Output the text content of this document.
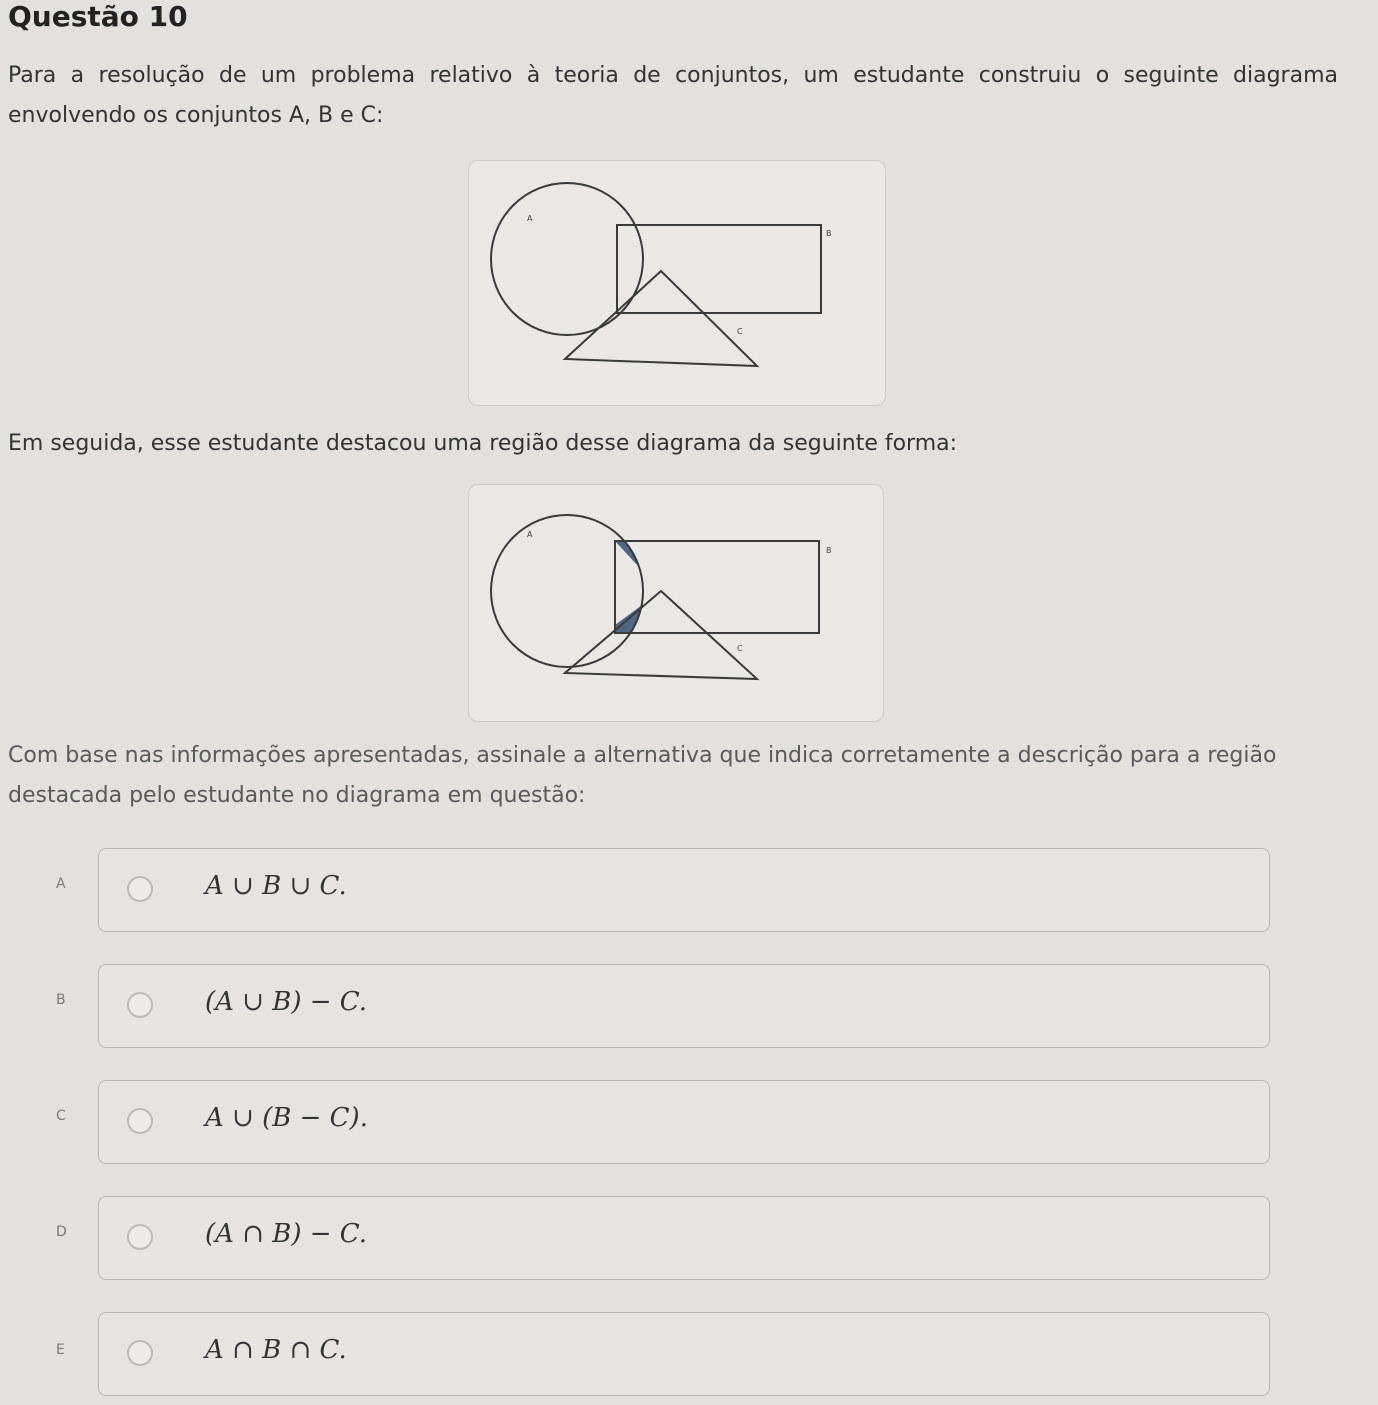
Questão 10
Para a resolução de um problema relativo à teoria de conjuntos, um estudante construiu o seguinte diagrama envolvendo os conjuntos A, B e C:
A
B
C
Em seguida, esse estudante destacou uma região desse diagrama da seguinte forma:
A
B
C
Com base nas informações apresentadas, assinale a alternativa que indica corretamente a descrição para a região destacada pelo estudante no diagrama em questão:
A	A ∪ B ∪ C.
B	(A ∪ B) − C.
C	A ∪ (B − C).
D	(A ∩ B) − C.
E	A ∩ B ∩ C.
